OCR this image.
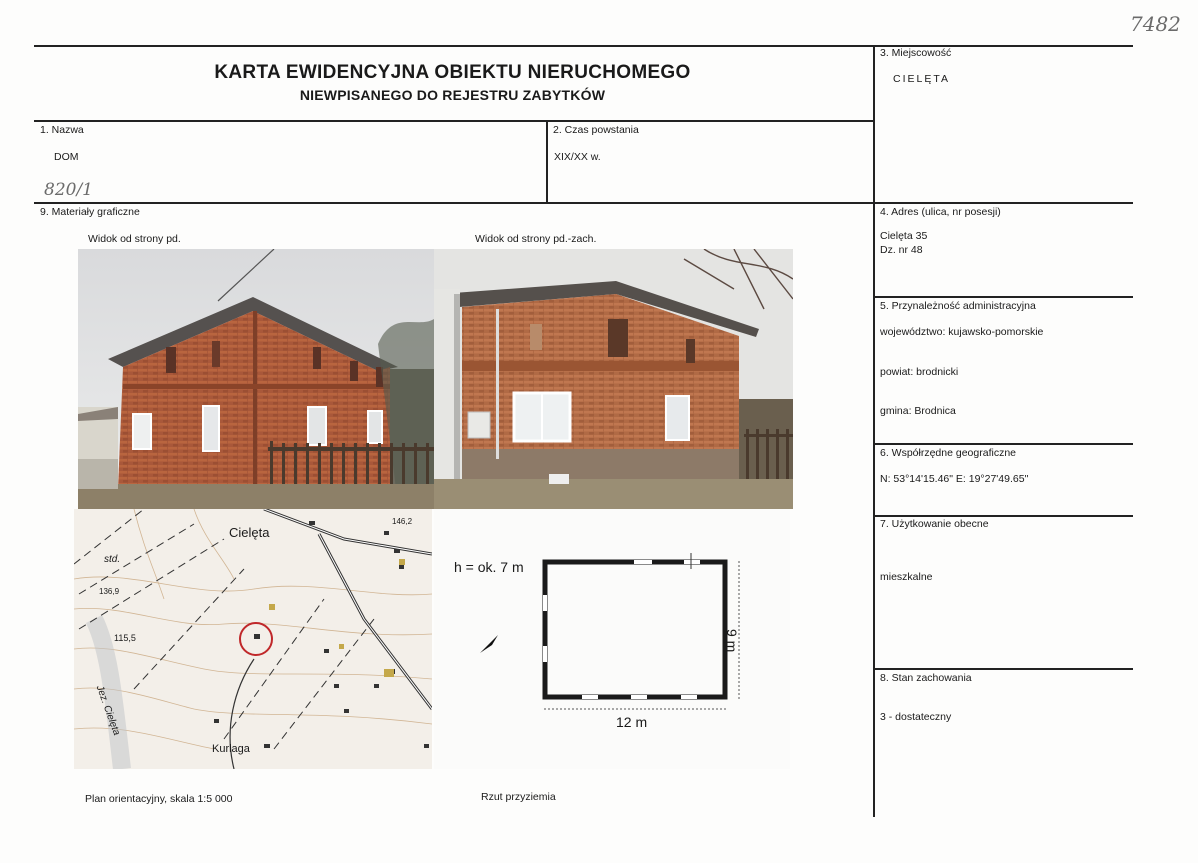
7482
KARTA EWIDENCYJNA OBIEKTU NIERUCHOMEGO
NIEWPISANEGO DO REJESTRU ZABYTKÓW
1. Nazwa
DOM
820/1
2. Czas powstania
XIX/XX w.
3. Miejscowość
CIELĘTA
4. Adres (ulica, nr posesji)
Cielęta 35
Dz. nr 48
5. Przynależność administracyjna
województwo: kujawsko-pomorskie
powiat: brodnicki
gmina: Brodnica
6. Współrzędne geograficzne
N: 53°14'15.46" E: 19°27'49.65"
7. Użytkowanie obecne
mieszkalne
8. Stan zachowania
3 - dostateczny
9. Materiały graficzne
Widok od strony pd.	Widok od strony pd.-zach.
Cielęta
Kurlaga
Jez. Cielęta
std.
146,2
136,9
115,5
h = ok. 7 m
12 m
9 m
Plan orientacyjny, skala 1:5 000	Rzut przyziemia
